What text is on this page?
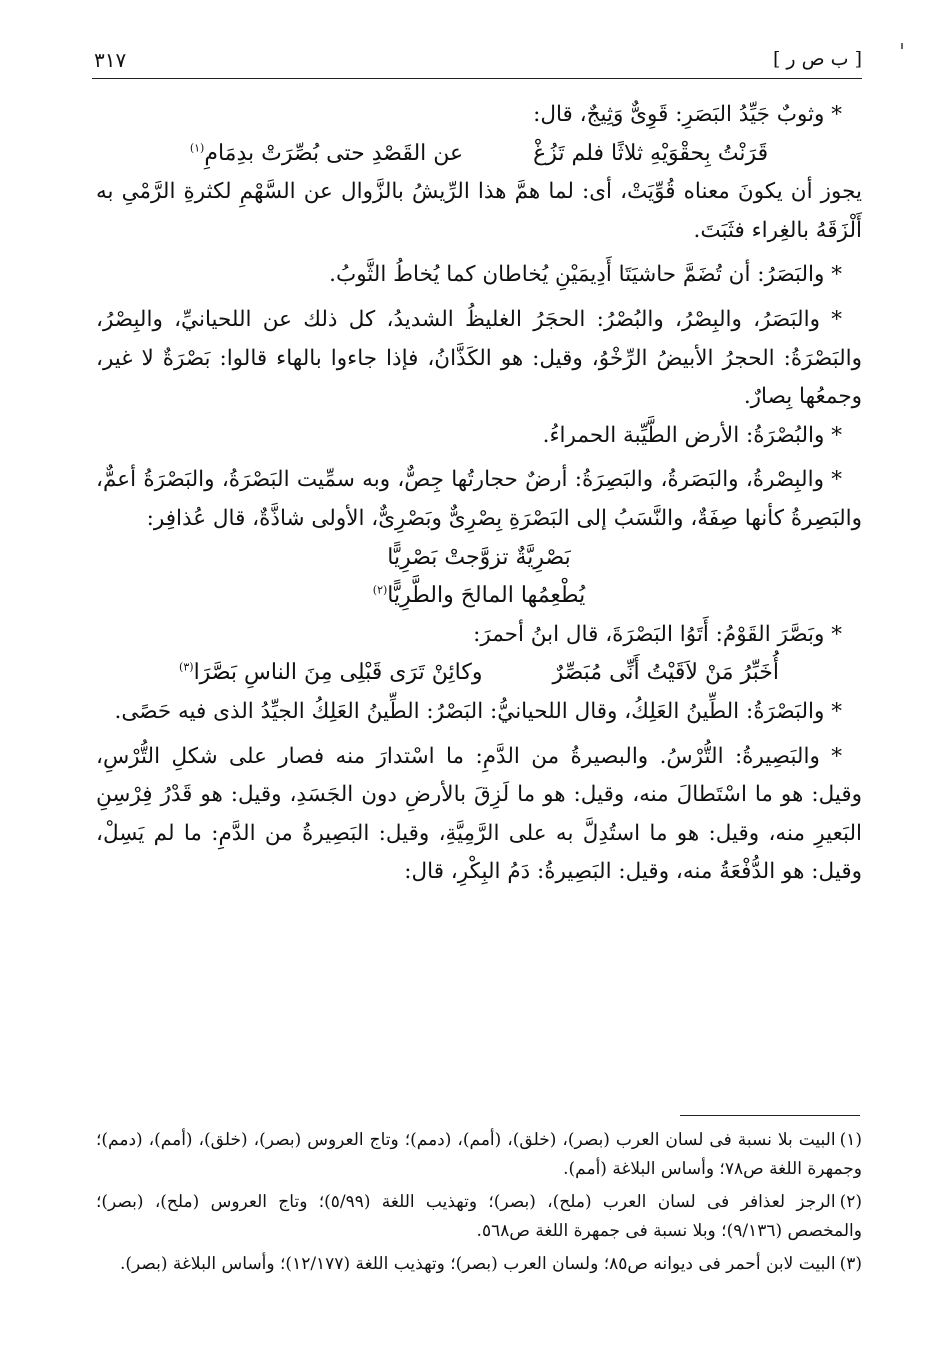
٣١٧	[ ب ص ر ]

* وثوبٌ جَيِّدُ البَصَرِ: قَوِىٌّ وَثِيجٌ، قال:

قَرَنْتُ بِحقْوَيْهِ ثلاثًا فلم تَزُغْ
عن القَصْدِ حتى بُصِّرَتْ بدِمَامِ$^{(١)}$

يجوز أن يكونَ معناه قُوِّيَتْ، أى: لما همَّ هذا الرِّيشُ بالزَّوال عن السَّهْمِ لكثرةِ الرَّمْىِ به أَلْزَقَهُ بالغِراء فثَبَتَ.

* والبَصَرُ: أن تُضَمَّ حاشيَتَا أَدِيمَيْنِ يُخاطان كما يُخاطُ الثَّوبُ.

* والبَصَرُ، والبِصْرُ، والبُصْرُ: الحجَرُ الغليظُ الشديدُ، كل ذلك عن اللحيانيِّ، والبِصْرُ، والبَصْرَةُ: الحجرُ الأبيضُ الرِّخْوُ، وقيل: هو الكَذَّانُ، فإذا جاءوا بالهاء قالوا: بَصْرَةٌ لا غير، وجمعُها بِصارٌ.

* والبُصْرَةُ: الأرض الطَّيِّبة الحمراءُ.

* والبِصْرةُ، والبَصَرةُ، والبَصِرَةُ: أرضٌ حجارتُها جِصٌّ، وبه سمِّيت البَصْرَةُ، والبَصْرَةُ أعمٌّ، والبَصِرةُ كأنها صِفَةٌ، والنَّسَبُ إلى البَصْرَةِ بِصْرِىٌّ وبَصْرِىٌّ، الأولى شاذَّةٌ، قال عُذافِر:

بَصْرِيَّةٌ تزوَّجتْ بَصْرِيًّا

يُطْعِمُها المالحَ والطَّرِيًّا$^{(٢)}$

* وبَصَّرَ القَوْمُ: أَتَوُا البَصْرَةَ، قال ابنُ أحمرَ:

أُخَبِّرُ مَنْ لاَقَيْتُ أَنِّى مُبَصِّرٌ
وكائِنْ تَرَى قَبْلِى مِنَ الناسِ بَصَّرَا$^{(٣)}$

* والبَصْرَةُ: الطِّينُ العَلِكُ، وقال اللحيانيُّ: البَصْرُ: الطِّينُ العَلِكُ الجيِّدُ الذى فيه حَصًى.

* والبَصِيرةُ: التُّرْسُ. والبصيرةُ من الدَّمِ: ما اسْتدارَ منه فصار على شكلِ التُّرْسِ، وقيل: هو ما اسْتَطالَ منه، وقيل: هو ما لَزِقَ بالأرضِ دون الجَسَدِ، وقيل: هو قَدْرُ فِرْسِنِ البَعيرِ منه، وقيل: هو ما استُدِلَّ به على الرَّمِيَّةِ، وقيل: البَصِيرةُ من الدَّمِ: ما لم يَسِلْ، وقيل: هو الدُّفْعَةُ منه، وقيل: البَصِيرةُ: دَمُ البِكْرِ، قال:

(١)البيت بلا نسبة فى لسان العرب (بصر)، (خلق)، (أمم)، (دمم)؛ وتاج العروس (بصر)، (خلق)، (أمم)، (دمم)؛ وجمهرة اللغة ص٧٨؛ وأساس البلاغة (أمم).

(٢)الرجز لعذافر فى لسان العرب (ملح)، (بصر)؛ وتهذيب اللغة (٥/٩٩)؛ وتاج العروس (ملح)، (بصر)؛ والمخصص (٩/١٣٦)؛ وبلا نسبة فى جمهرة اللغة ص٥٦٨.

(٣)البيت لابن أحمر فى ديوانه ص٨٥؛ ولسان العرب (بصر)؛ وتهذيب اللغة (١٢/١٧٧)؛ وأساس البلاغة (بصر).
